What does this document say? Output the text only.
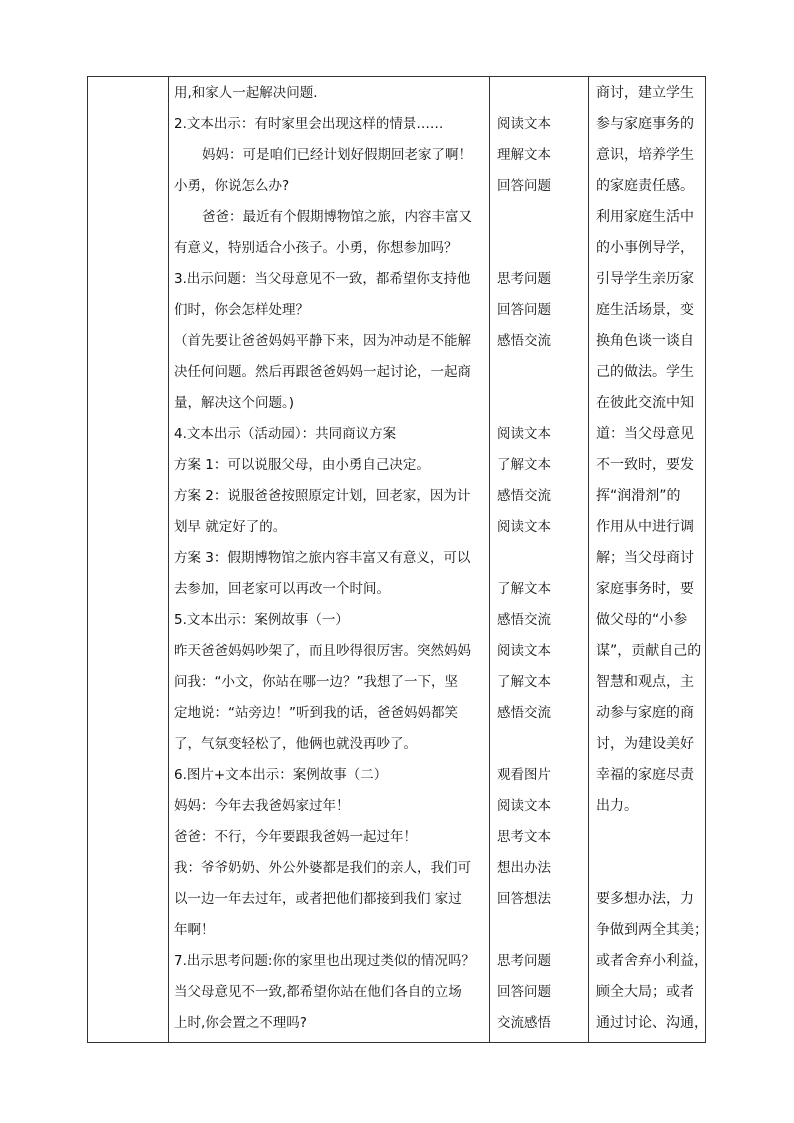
用,和家人一起解决问题.
2.文本出示：有时家里会出现这样的情景……
妈妈：可是咱们已经计划好假期回老家了啊！
小勇，你说怎么办?
爸爸：最近有个假期博物馆之旅，内容丰富又
有意义，特别适合小孩子。小勇，你想参加吗？
3.出示问题：当父母意见不一致，都希望你支持他
们时，你会怎样处理？
（首先要让爸爸妈妈平静下来，因为冲动是不能解
决任何问题。然后再跟爸爸妈妈一起讨论，一起商
量，解决这个问题。)
4.文本出示（活动园）：共同商议方案
方案 1：可以说服父母，由小勇自己决定。
方案 2：说服爸爸按照原定计划，回老家，因为计
划早 就定好了的。
方案 3：假期博物馆之旅内容丰富又有意义，可以
去参加，回老家可以再改一个时间。
5.文本出示：案例故事（一）
昨天爸爸妈妈吵架了，而且吵得很厉害。突然妈妈
问我：“小文，你站在哪一边？”我想了一下，坚
定地说：“站旁边！”听到我的话，爸爸妈妈都笑
了，气氛变轻松了，他俩也就没再吵了。
6.图片+文本出示：案例故事（二）
妈妈：今年去我爸妈家过年！
爸爸：不行，今年要跟我爸妈一起过年！
我：爷爷奶奶、外公外婆都是我们的亲人，我们可
以一边一年去过年，或者把他们都接到我们 家过
年啊！
7.出示思考问题:你的家里也出现过类似的情况吗？
当父母意见不一致,都希望你站在他们各自的立场
上时,你会置之不理吗?
阅读文本
理解文本
回答问题
思考问题
回答问题
感悟交流
阅读文本
了解文本
感悟交流
阅读文本
了解文本
感悟交流
阅读文本
了解文本
感悟交流
观看图片
阅读文本
思考文本
想出办法
回答想法
思考问题
回答问题
交流感悟
商讨，建立学生
参与家庭事务的
意识，培养学生
的家庭责任感。
利用家庭生活中
的小事例导学，
引导学生亲历家
庭生活场景，变
换角色谈一谈自
己的做法。学生
在彼此交流中知
道：当父母意见
不一致时，要发
挥“润滑剂”的
作用从中进行调
解；当父母商讨
家庭事务时，要
做父母的“小参
谋”，贡献自己的
智慧和观点，主
动参与家庭的商
讨，为建设美好
幸福的家庭尽责
出力。
要多想办法，力
争做到两全其美；
或者舍弃小利益，
顾全大局；或者
通过讨论、沟通，
